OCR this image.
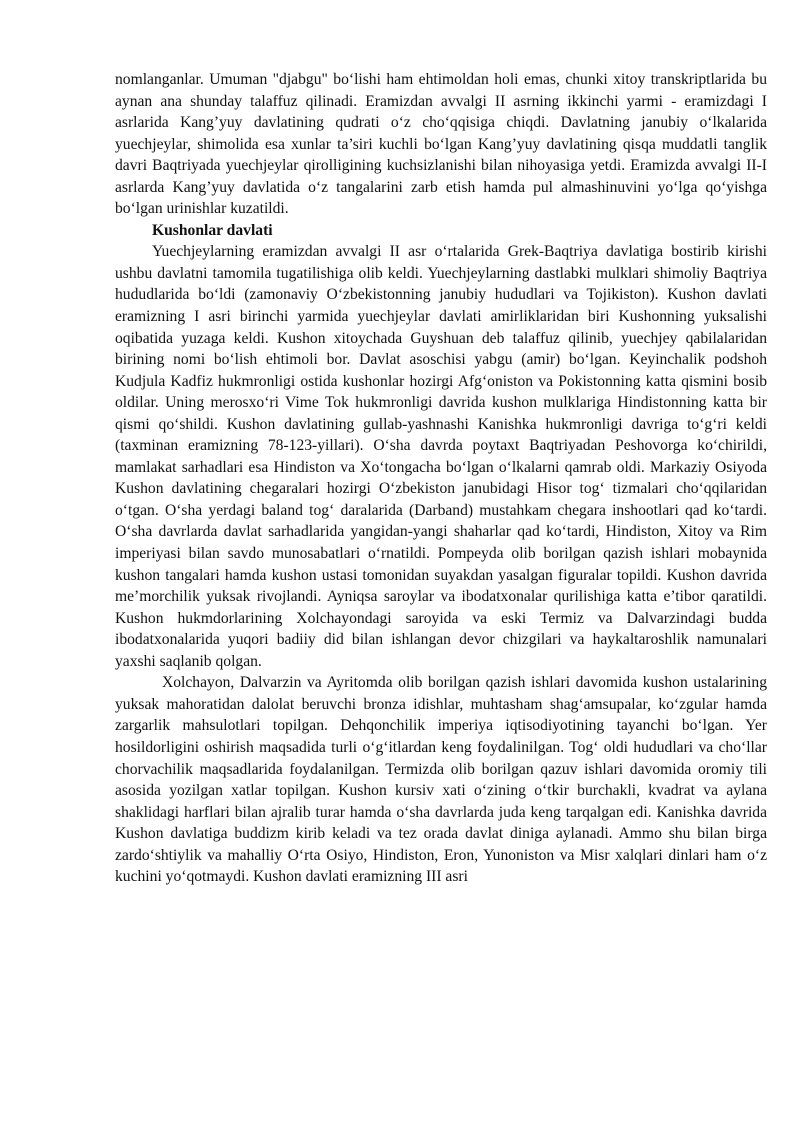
nomlanganlar. Umuman "djabgu" bo‘lishi ham ehtimoldan holi emas, chunki xitoy transkriptlarida bu aynan ana shunday talaffuz qilinadi. Eramizdan avvalgi II asrning ikkinchi yarmi - eramizdagi I asrlarida Kang’yuy davlatining qudrati o‘z cho‘qqisiga chiqdi. Davlatning janubiy o‘lkalarida yuechjeylar, shimolida esa xunlar ta’siri kuchli bo‘lgan Kang’yuy davlatining qisqa muddatli tanglik davri Baqtriyada yuechjeylar qirolligining kuchsizlanishi bilan nihoyasiga yetdi. Eramizda avvalgi II-I asrlarda Kang’yuy davlatida o‘z tangalarini zarb etish hamda pul almashinuvini yo‘lga qo‘yishga bo‘lgan urinishlar kuzatildi.

Kushonlar davlati

Yuechjeylarning eramizdan avvalgi II asr o‘rtalarida Grek-Baqtriya davlatiga bostirib kirishi ushbu davlatni tamomila tugatilishiga olib keldi. Yuechjeylarning dastlabki mulklari shimoliy Baqtriya hududlarida bo‘ldi (zamonaviy O‘zbekistonning janubiy hududlari va Tojikiston). Kushon davlati eramizning I asri birinchi yarmida yuechjeylar davlati amirliklaridan biri Kushonning yuksalishi oqibatida yuzaga keldi. Kushon xitoychada Guyshuan deb talaffuz qilinib, yuechjey qabilalaridan birining nomi bo‘lish ehtimoli bor. Davlat asoschisi yabgu (amir) bo‘lgan. Keyinchalik podshoh Kudjula Kadfiz hukmronligi ostida kushonlar hozirgi Afg‘oniston va Pokistonning katta qismini bosib oldilar. Uning merosxo‘ri Vime Tok hukmronligi davrida kushon mulklariga Hindistonning katta bir qismi qo‘shildi. Kushon davlatining gullab-yashnashi Kanishka hukmronligi davriga to‘g‘ri keldi (taxminan eramizning 78-123-yillari). O‘sha davrda poytaxt Baqtriyadan Peshovorga ko‘chirildi, mamlakat sarhadlari esa Hindiston va Xo‘tongacha bo‘lgan o‘lkalarni qamrab oldi. Markaziy Osiyoda Kushon davlatining chegaralari hozirgi O‘zbekiston janubidagi Hisor tog‘ tizmalari cho‘qqilaridan o‘tgan. O‘sha yerdagi baland tog‘ daralarida (Darband) mustahkam chegara inshootlari qad ko‘tardi. O‘sha davrlarda davlat sarhadlarida yangidan-yangi shaharlar qad ko‘tardi, Hindiston, Xitoy va Rim imperiyasi bilan savdo munosabatlari o‘rnatildi. Pompeyda olib borilgan qazish ishlari mobaynida kushon tangalari hamda kushon ustasi tomonidan suyakdan yasalgan figuralar topildi. Kushon davrida me’morchilik yuksak rivojlandi. Ayniqsa saroylar va ibodatxonalar qurilishiga katta e’tibor qaratildi. Kushon hukmdorlarining Xolchayondagi saroyida va eski Termiz va Dalvarzindagi budda ibodatxonalarida yuqori badiiy did bilan ishlangan devor chizgilari va haykaltaroshlik namunalari yaxshi saqlanib qolgan.

Xolchayon, Dalvarzin va Ayritomda olib borilgan qazish ishlari davomida kushon ustalarining yuksak mahoratidan dalolat beruvchi bronza idishlar, muhtasham shag‘amsupalar, ko‘zgular hamda zargarlik mahsulotlari topilgan. Dehqonchilik imperiya iqtisodiyotining tayanchi bo‘lgan. Yer hosildorligini oshirish maqsadida turli o‘g‘itlardan keng foydalinilgan. Tog‘ oldi hududlari va cho‘llar chorvachilik maqsadlarida foydalanilgan. Termizda olib borilgan qazuv ishlari davomida oromiy tili asosida yozilgan xatlar topilgan. Kushon kursiv xati o‘zining o‘tkir burchakli, kvadrat va aylana shaklidagi harflari bilan ajralib turar hamda o‘sha davrlarda juda keng tarqalgan edi. Kanishka davrida Kushon davlatiga buddizm kirib keladi va tez orada davlat diniga aylanadi. Ammo shu bilan birga zardo‘shtiylik va mahalliy O‘rta Osiyo, Hindiston, Eron, Yunoniston va Misr xalqlari dinlari ham o‘z kuchini yo‘qotmaydi. Kushon davlati eramizning III asri
